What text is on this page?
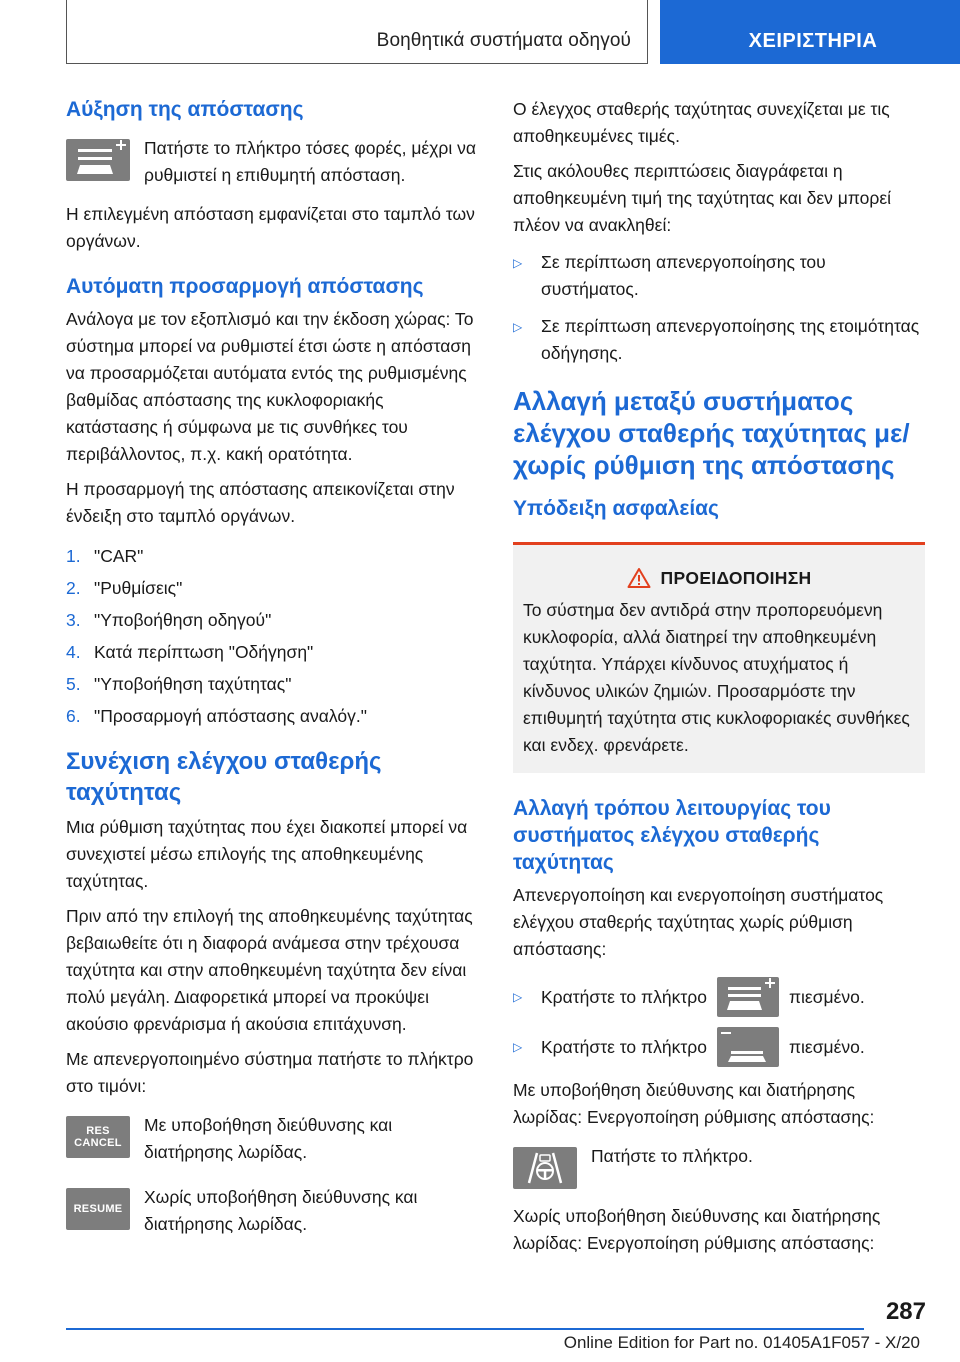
Βοηθητικά συστήματα οδηγού	ΧΕΙΡΙΣΤΗΡΙΑ
Αύξηση της απόστασης

Πατήστε το πλήκτρο τόσες φορές, μέχρι να ρυθμιστεί η επιθυμητή απόσταση.

Η επιλεγμένη απόσταση εμφανίζεται στο ταμπλό των οργάνων.

Αυτόματη προσαρμογή απόστασης

Ανάλογα με τον εξοπλισμό και την έκδοση χώρας: Το σύστημα μπορεί να ρυθμιστεί έτσι ώστε η απόσταση να προσαρμόζεται αυτόματα εντός της ρυθμισμένης βαθμίδας απόστασης της κυκλοφοριακής κατάστασης ή σύμφωνα με τις συνθήκες του περιβάλλοντος, π.χ. κακή ορατότητα.

Η προσαρμογή της απόστασης απεικονίζεται στην ένδειξη στο ταμπλό οργάνων.

1. "CAR"
2. "Ρυθμίσεις"
3. "Υποβοήθηση οδηγού"
4. Κατά περίπτωση "Οδήγηση"
5. "Υποβοήθηση ταχύτητας"
6. "Προσαρμογή απόστασης αναλόγ."
Συνέχιση ελέγχου σταθερής ταχύτητας

Μια ρύθμιση ταχύτητας που έχει διακοπεί μπορεί να συνεχιστεί μέσω επιλογής της αποθηκευμένης ταχύτητας.

Πριν από την επιλογή της αποθηκευμένης ταχύτητας βεβαιωθείτε ότι η διαφορά ανάμεσα στην τρέχουσα ταχύτητα και στην αποθηκευμένη ταχύτητα δεν είναι πολύ μεγάλη. Διαφορετικά μπορεί να προκύψει ακούσιο φρενάρισμα ή ακούσια επιτάχυνση.

Με απενεργοποιημένο σύστημα πατήστε το πλήκτρο στο τιμόνι:

RES
CANCEL

Με υποβοήθηση διεύθυνσης και διατήρησης λωρίδας.

RESUME

Χωρίς υποβοήθηση διεύθυνσης και διατήρησης λωρίδας.

Ο έλεγχος σταθερής ταχύτητας συνεχίζεται με τις αποθηκευμένες τιμές.

Στις ακόλουθες περιπτώσεις διαγράφεται η αποθηκευμένη τιμή της ταχύτητας και δεν μπορεί πλέον να ανακληθεί:

▷	Σε περίπτωση απενεργοποίησης του συστήματος.
▷	Σε περίπτωση απενεργοποίησης της ετοιμότητας οδήγησης.
Αλλαγή μεταξύ συστήματος ελέγχου σταθερής ταχύτητας με/χωρίς ρύθμιση της απόστασης
Υπόδειξη ασφαλείας
ΠΡΟΕΙΔΟΠΟΙΗΣΗ

Το σύστημα δεν αντιδρά στην προπορευόμενη κυκλοφορία, αλλά διατηρεί την αποθηκευμένη ταχύτητα. Υπάρχει κίνδυνος ατυχήματος ή κίνδυνος υλικών ζημιών. Προσαρμόστε την επιθυμητή ταχύτητα στις κυκλοφοριακές συνθήκες και ενδεχ. φρενάρετε.

Αλλαγή τρόπου λειτουργίας του συστήματος ελέγχου σταθερής ταχύτητας

Απενεργοποίηση και ενεργοποίηση συστήματος ελέγχου σταθερής ταχύτητας χωρίς ρύθμιση απόστασης:

▷	Κρατήστε το πλήκτρο	πιεσμένο.
▷	Κρατήστε το πλήκτρο	πιεσμένο.

Με υποβοήθηση διεύθυνσης και διατήρησης λωρίδας: Ενεργοποίηση ρύθμισης απόστασης:

Πατήστε το πλήκτρο.

Χωρίς υποβοήθηση διεύθυνσης και διατήρησης λωρίδας: Ενεργοποίηση ρύθμισης απόστασης:

287
Online Edition for Part no. 01405A1F057 - X/20
